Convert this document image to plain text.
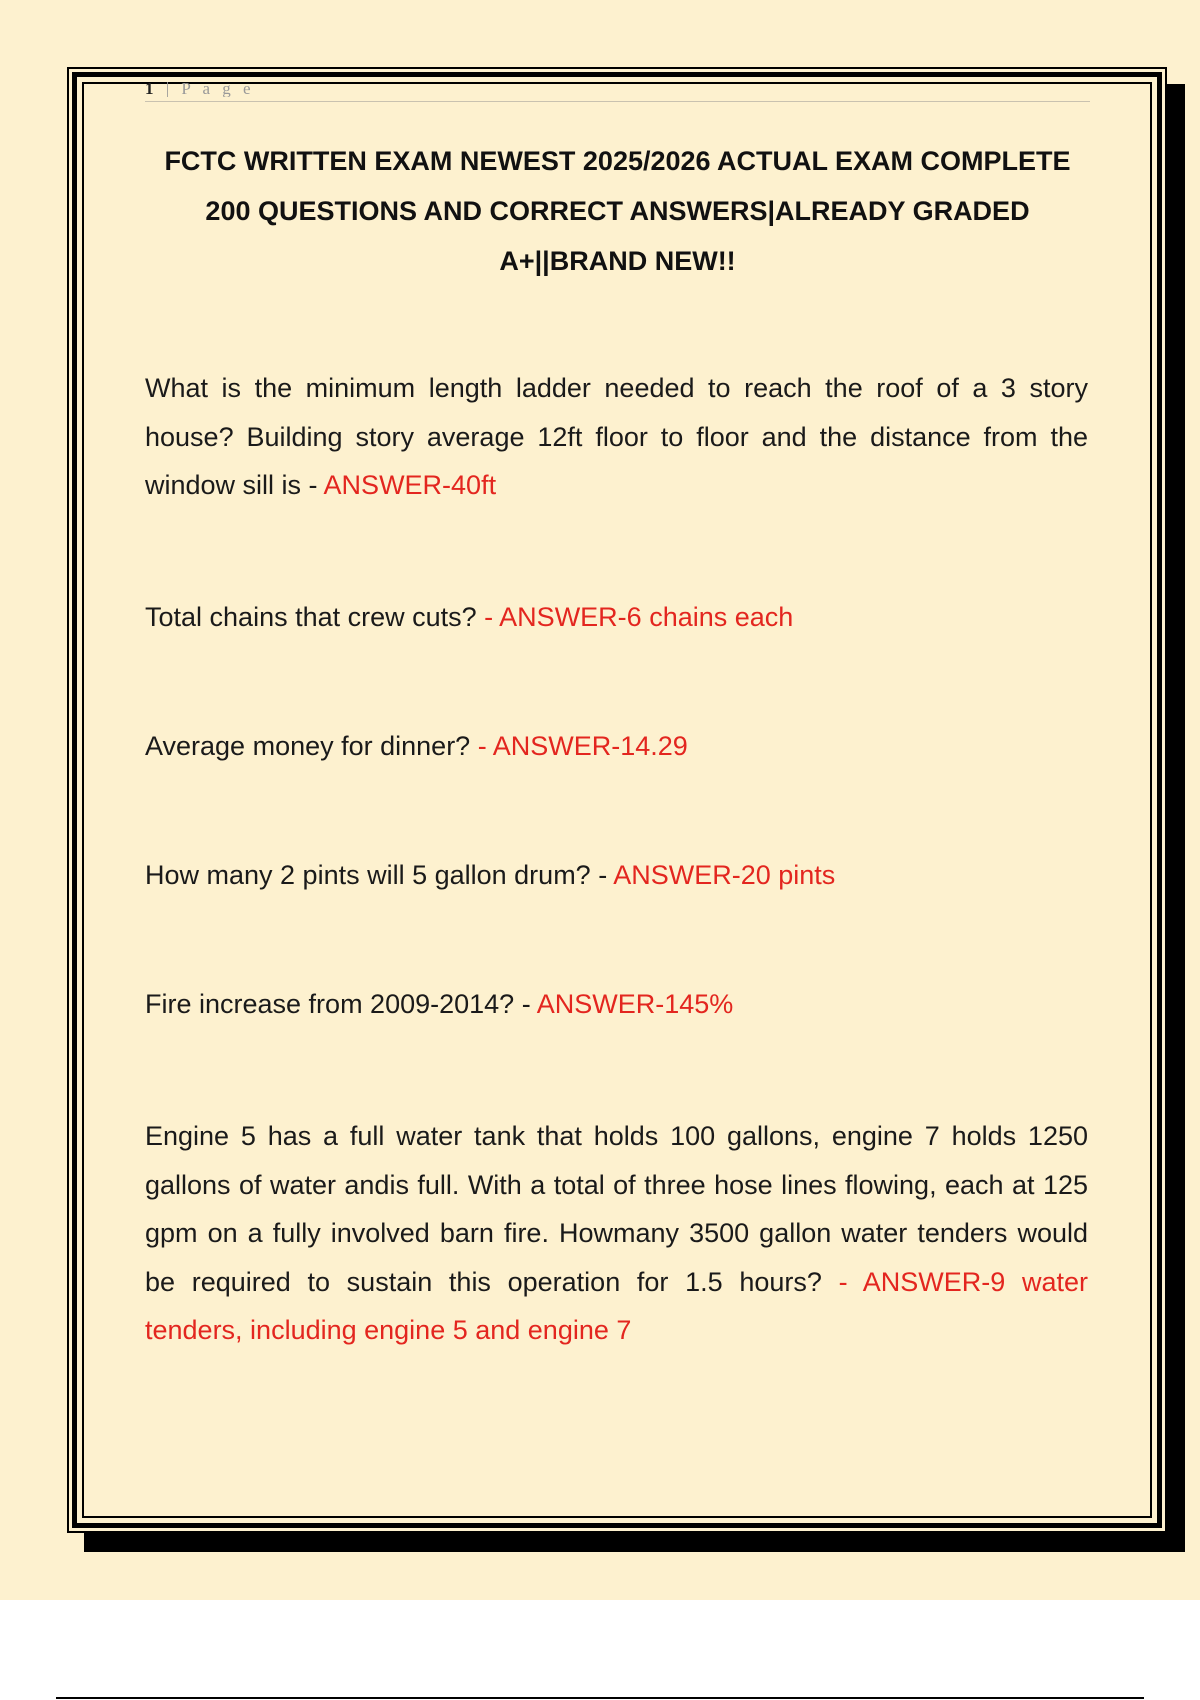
1 | P a g e
FCTC WRITTEN EXAM NEWEST 2025/2026 ACTUAL EXAM COMPLETE 200 QUESTIONS AND CORRECT ANSWERS|ALREADY GRADED A+||BRAND NEW!!
What is the minimum length ladder needed to reach the roof of a 3 story house? Building story average 12ft floor to floor and the distance from the window sill is - ANSWER-40ft
Total chains that crew cuts? - ANSWER-6 chains each
Average money for dinner? - ANSWER-14.29
How many 2 pints will 5 gallon drum? - ANSWER-20 pints
Fire increase from 2009-2014? - ANSWER-145%
Engine 5 has a full water tank that holds 100 gallons, engine 7 holds 1250 gallons of water andis full. With a total of three hose lines flowing, each at 125 gpm on a fully involved barn fire. Howmany 3500 gallon water tenders would be required to sustain this operation for 1.5 hours? - ANSWER-9 water tenders, including engine 5 and engine 7
